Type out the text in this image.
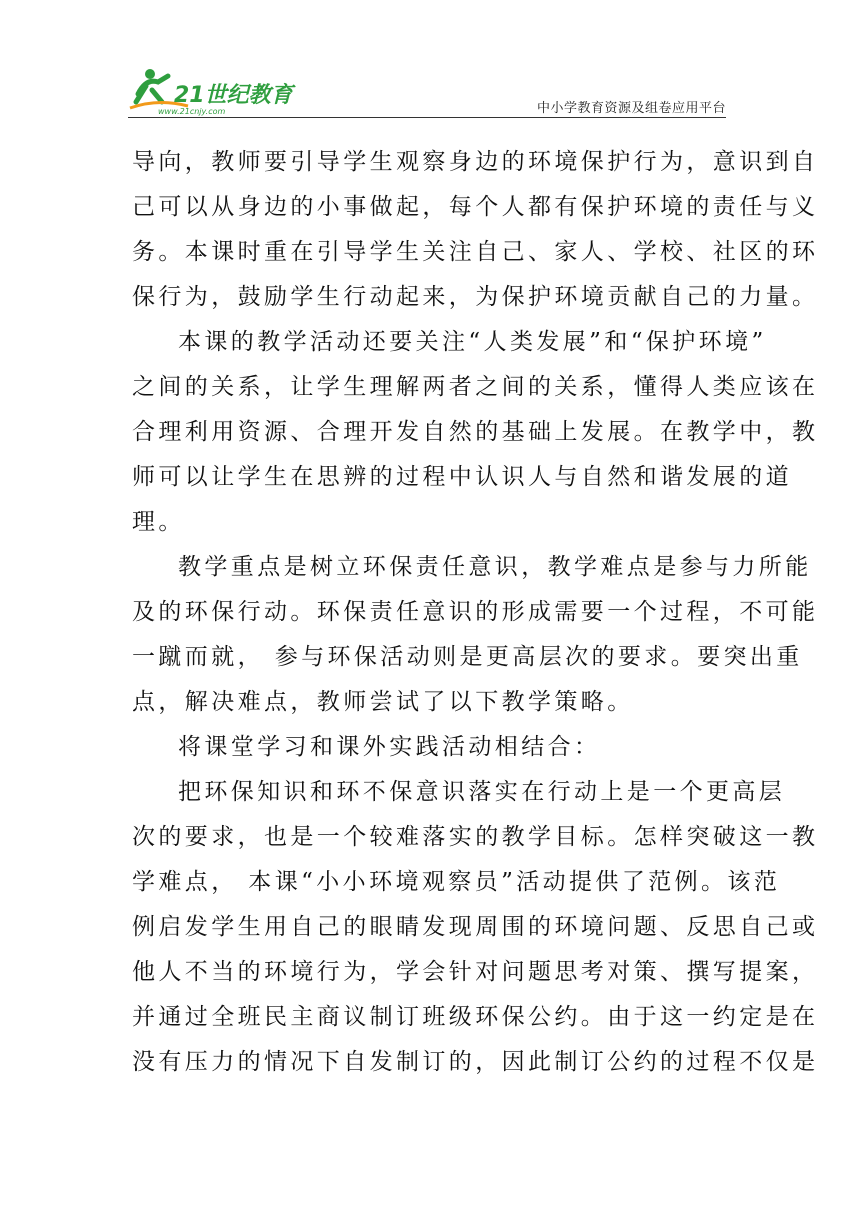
21世纪教育
www.21cnjy.com	中小学教育资源及组卷应用平台
导向，教师要引导学生观察身边的环境保护行为，意识到自
己可以从身边的小事做起，每个人都有保护环境的责任与义
务。本课时重在引导学生关注自己、家人、学校、社区的环
保行为，鼓励学生行动起来，为保护环境贡献自己的力量。
本课的教学活动还要关注“人类发展”和“保护环境”
之间的关系，让学生理解两者之间的关系，懂得人类应该在
合理利用资源、合理开发自然的基础上发展。在教学中，教
师可以让学生在思辨的过程中认识人与自然和谐发展的道
理。
教学重点是树立环保责任意识，教学难点是参与力所能
及的环保行动。环保责任意识的形成需要一个过程，不可能
一蹴而就， 参与环保活动则是更高层次的要求。要突出重
点，解决难点，教师尝试了以下教学策略。
将课堂学习和课外实践活动相结合：
把环保知识和环不保意识落实在行动上是一个更高层
次的要求，也是一个较难落实的教学目标。怎样突破这一教
学难点， 本课“小小环境观察员”活动提供了范例。该范
例启发学生用自己的眼睛发现周围的环境问题、反思自己或
他人不当的环境行为，学会针对问题思考对策、撰写提案，
并通过全班民主商议制订班级环保公约。由于这一约定是在
没有压力的情况下自发制订的，因此制订公约的过程不仅是
